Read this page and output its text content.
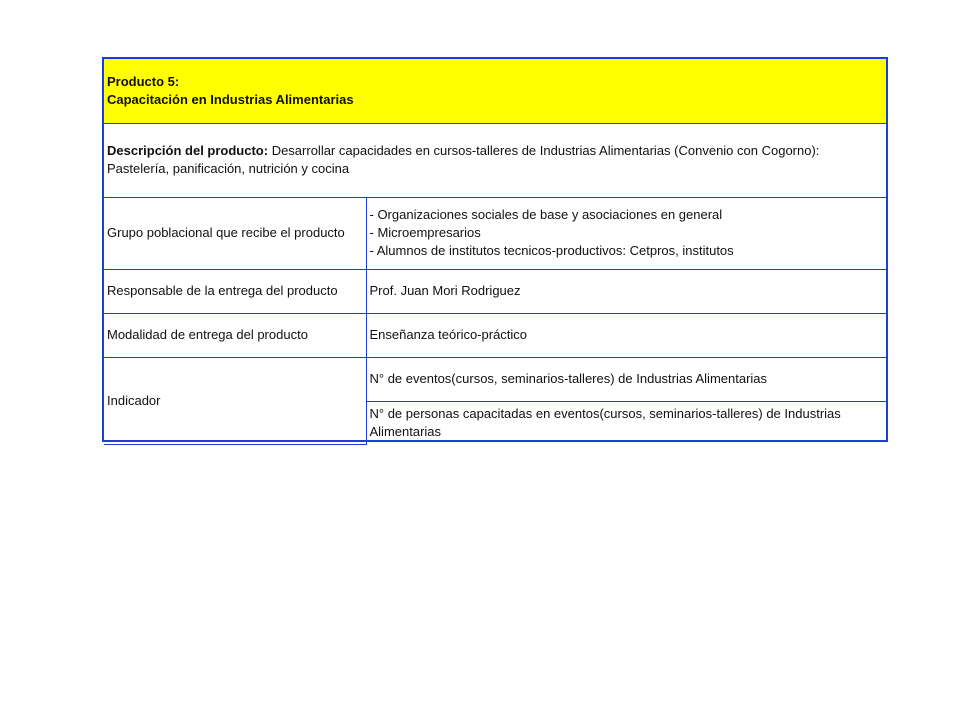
Producto 5:
Capacitación en Industrias Alimentarias	

Descripción del producto: Desarrollar capacidades en cursos-talleres de Industrias Alimentarias (Convenio con Cogorno):
Pastelería, panificación, nutrición y cocina	

Grupo poblacional que recibe el producto	- Organizaciones sociales de base y asociaciones en general
- Microempresarios
- Alumnos de institutos tecnicos-productivos: Cetpros, institutos

Responsable de la entrega del producto	Prof. Juan Mori Rodriguez
Modalidad de entrega del producto	Enseñanza teórico-práctico
Indicador	N° de eventos(cursos, seminarios-talleres) de Industrias Alimentarias
	N° de personas capacitadas en eventos(cursos, seminarios-talleres) de Industrias Alimentarias
